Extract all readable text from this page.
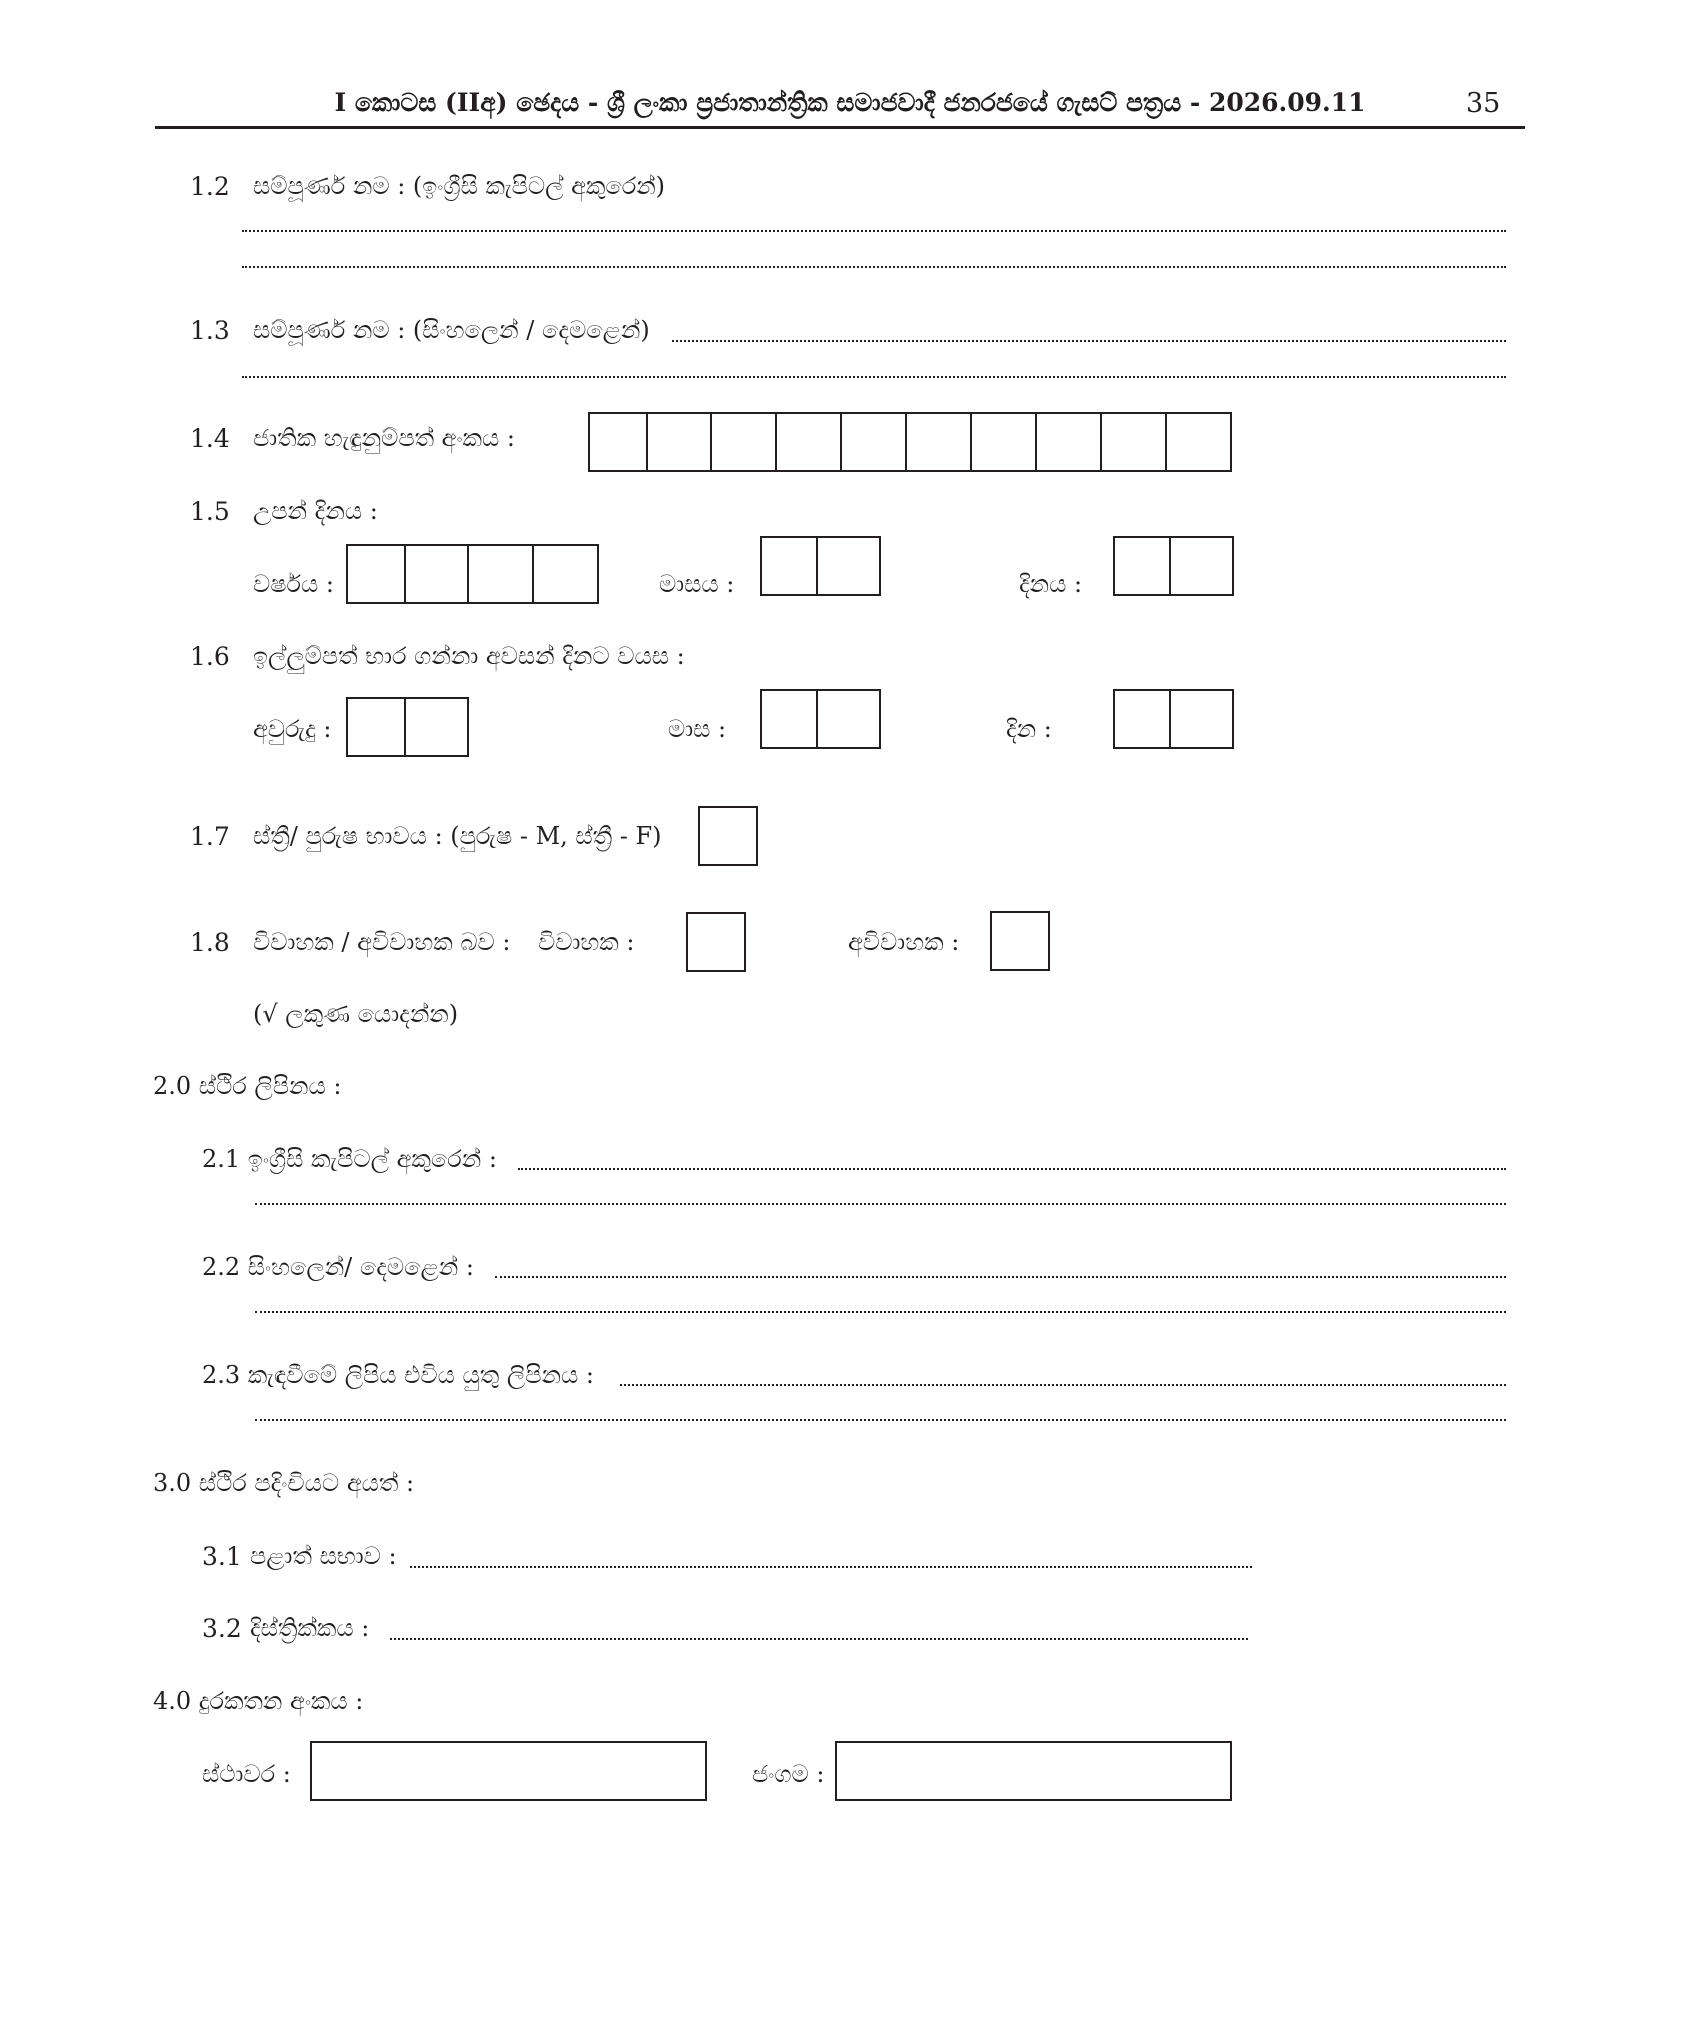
I කොටස (IIඅ) ඡෙදය - ශ්‍රී ලංකා ප්‍රජාතාන්ත්‍රික සමාජවාදී ජනරජයේ ගැසට් පත්‍රය - 2026.09.11	35
1.2 සම්පූර්ණ නම : (ඉංග්‍රීසි කැපිටල් අකුරෙන්)
1.3 සම්පූර්ණ නම : (සිංහලෙන් / දෙමළෙන්)
1.4 ජාතික හැඳුනුම්පත් අංකය :
1.5 උපන් දිනය :
වර්ෂය :	මාසය :	දිනය :
1.6 ඉල්ලුම්පත් භාර ගන්නා අවසන් දිනට වයස :
අවුරුදු :	මාස :	දින :
1.7 ස්ත්‍රී/ පුරුෂ භාවය : (පුරුෂ - M, ස්ත්‍රී - F)
1.8 විවාහක / අවිවාහක බව : විවාහක :	අවිවාහක :
(√ ලකුණ යොදන්න)
2.0 ස්ථිර ලිපිනය :
2.1 ඉංග්‍රීසි කැපිටල් අකුරෙන් :
2.2 සිංහලෙන්/ දෙමළෙන් :
2.3 කැඳවීමේ ලිපිය එවිය යුතු ලිපිනය :
3.0 ස්ථිර පදිංචියට අයත් :
3.1 පළාත් සභාව :
3.2 දිස්ත්‍රික්කය :
4.0 දුරකතන අංකය :
ස්ථාවර :	ජංගම :
